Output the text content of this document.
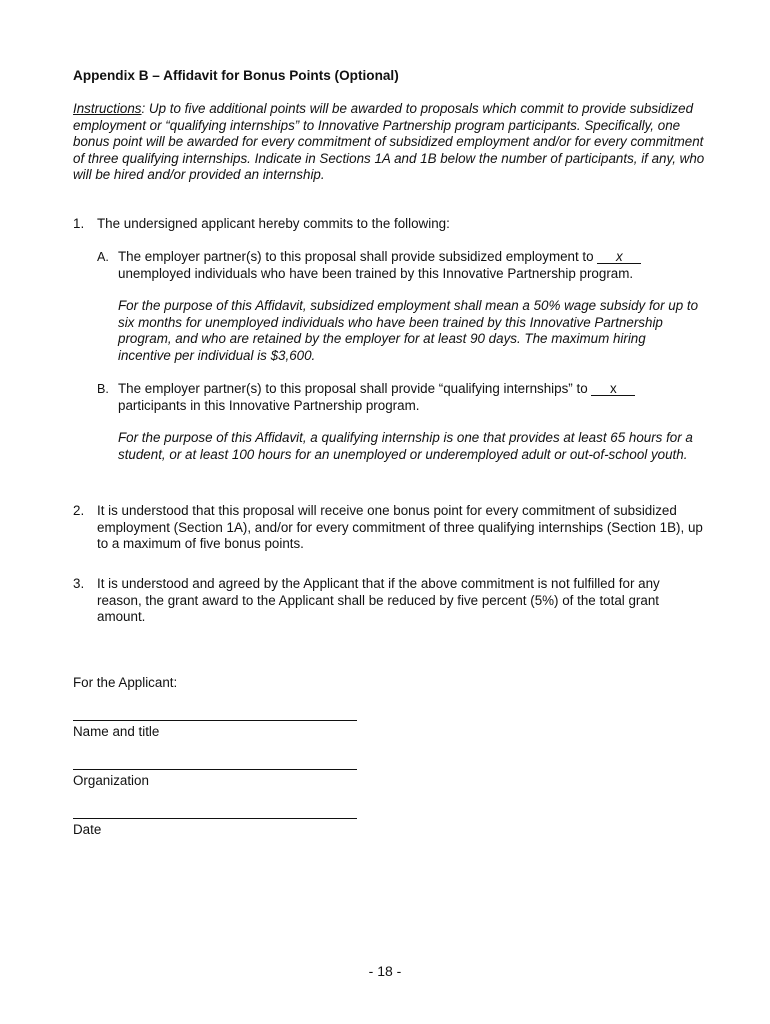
Appendix B – Affidavit for Bonus Points (Optional)

Instructions: Up to five additional points will be awarded to proposals which commit to provide subsidized employment or “qualifying internships” to Innovative Partnership program participants. Specifically, one bonus point will be awarded for every commitment of subsidized employment and/or for every commitment of three qualifying internships. Indicate in Sections 1A and 1B below the number of participants, if any, who will be hired and/or provided an internship.

1. The undersigned applicant hereby commits to the following:
A. The employer partner(s) to this proposal shall provide subsidized employment to x unemployed individuals who have been trained by this Innovative Partnership program.

For the purpose of this Affidavit, subsidized employment shall mean a 50% wage subsidy for up to six months for unemployed individuals who have been trained by this Innovative Partnership program, and who are retained by the employer for at least 90 days. The maximum hiring incentive per individual is $3,600.

B. The employer partner(s) to this proposal shall provide “qualifying internships” to x participants in this Innovative Partnership program.

For the purpose of this Affidavit, a qualifying internship is one that provides at least 65 hours for a student, or at least 100 hours for an unemployed or underemployed adult or out-of-school youth.

2. It is understood that this proposal will receive one bonus point for every commitment of subsidized employment (Section 1A), and/or for every commitment of three qualifying internships (Section 1B), up to a maximum of five bonus points.
3. It is understood and agreed by the Applicant that if the above commitment is not fulfilled for any reason, the grant award to the Applicant shall be reduced by five percent (5%) of the total grant amount.

For the Applicant:

Name and title

Organization

Date

- 18 -
